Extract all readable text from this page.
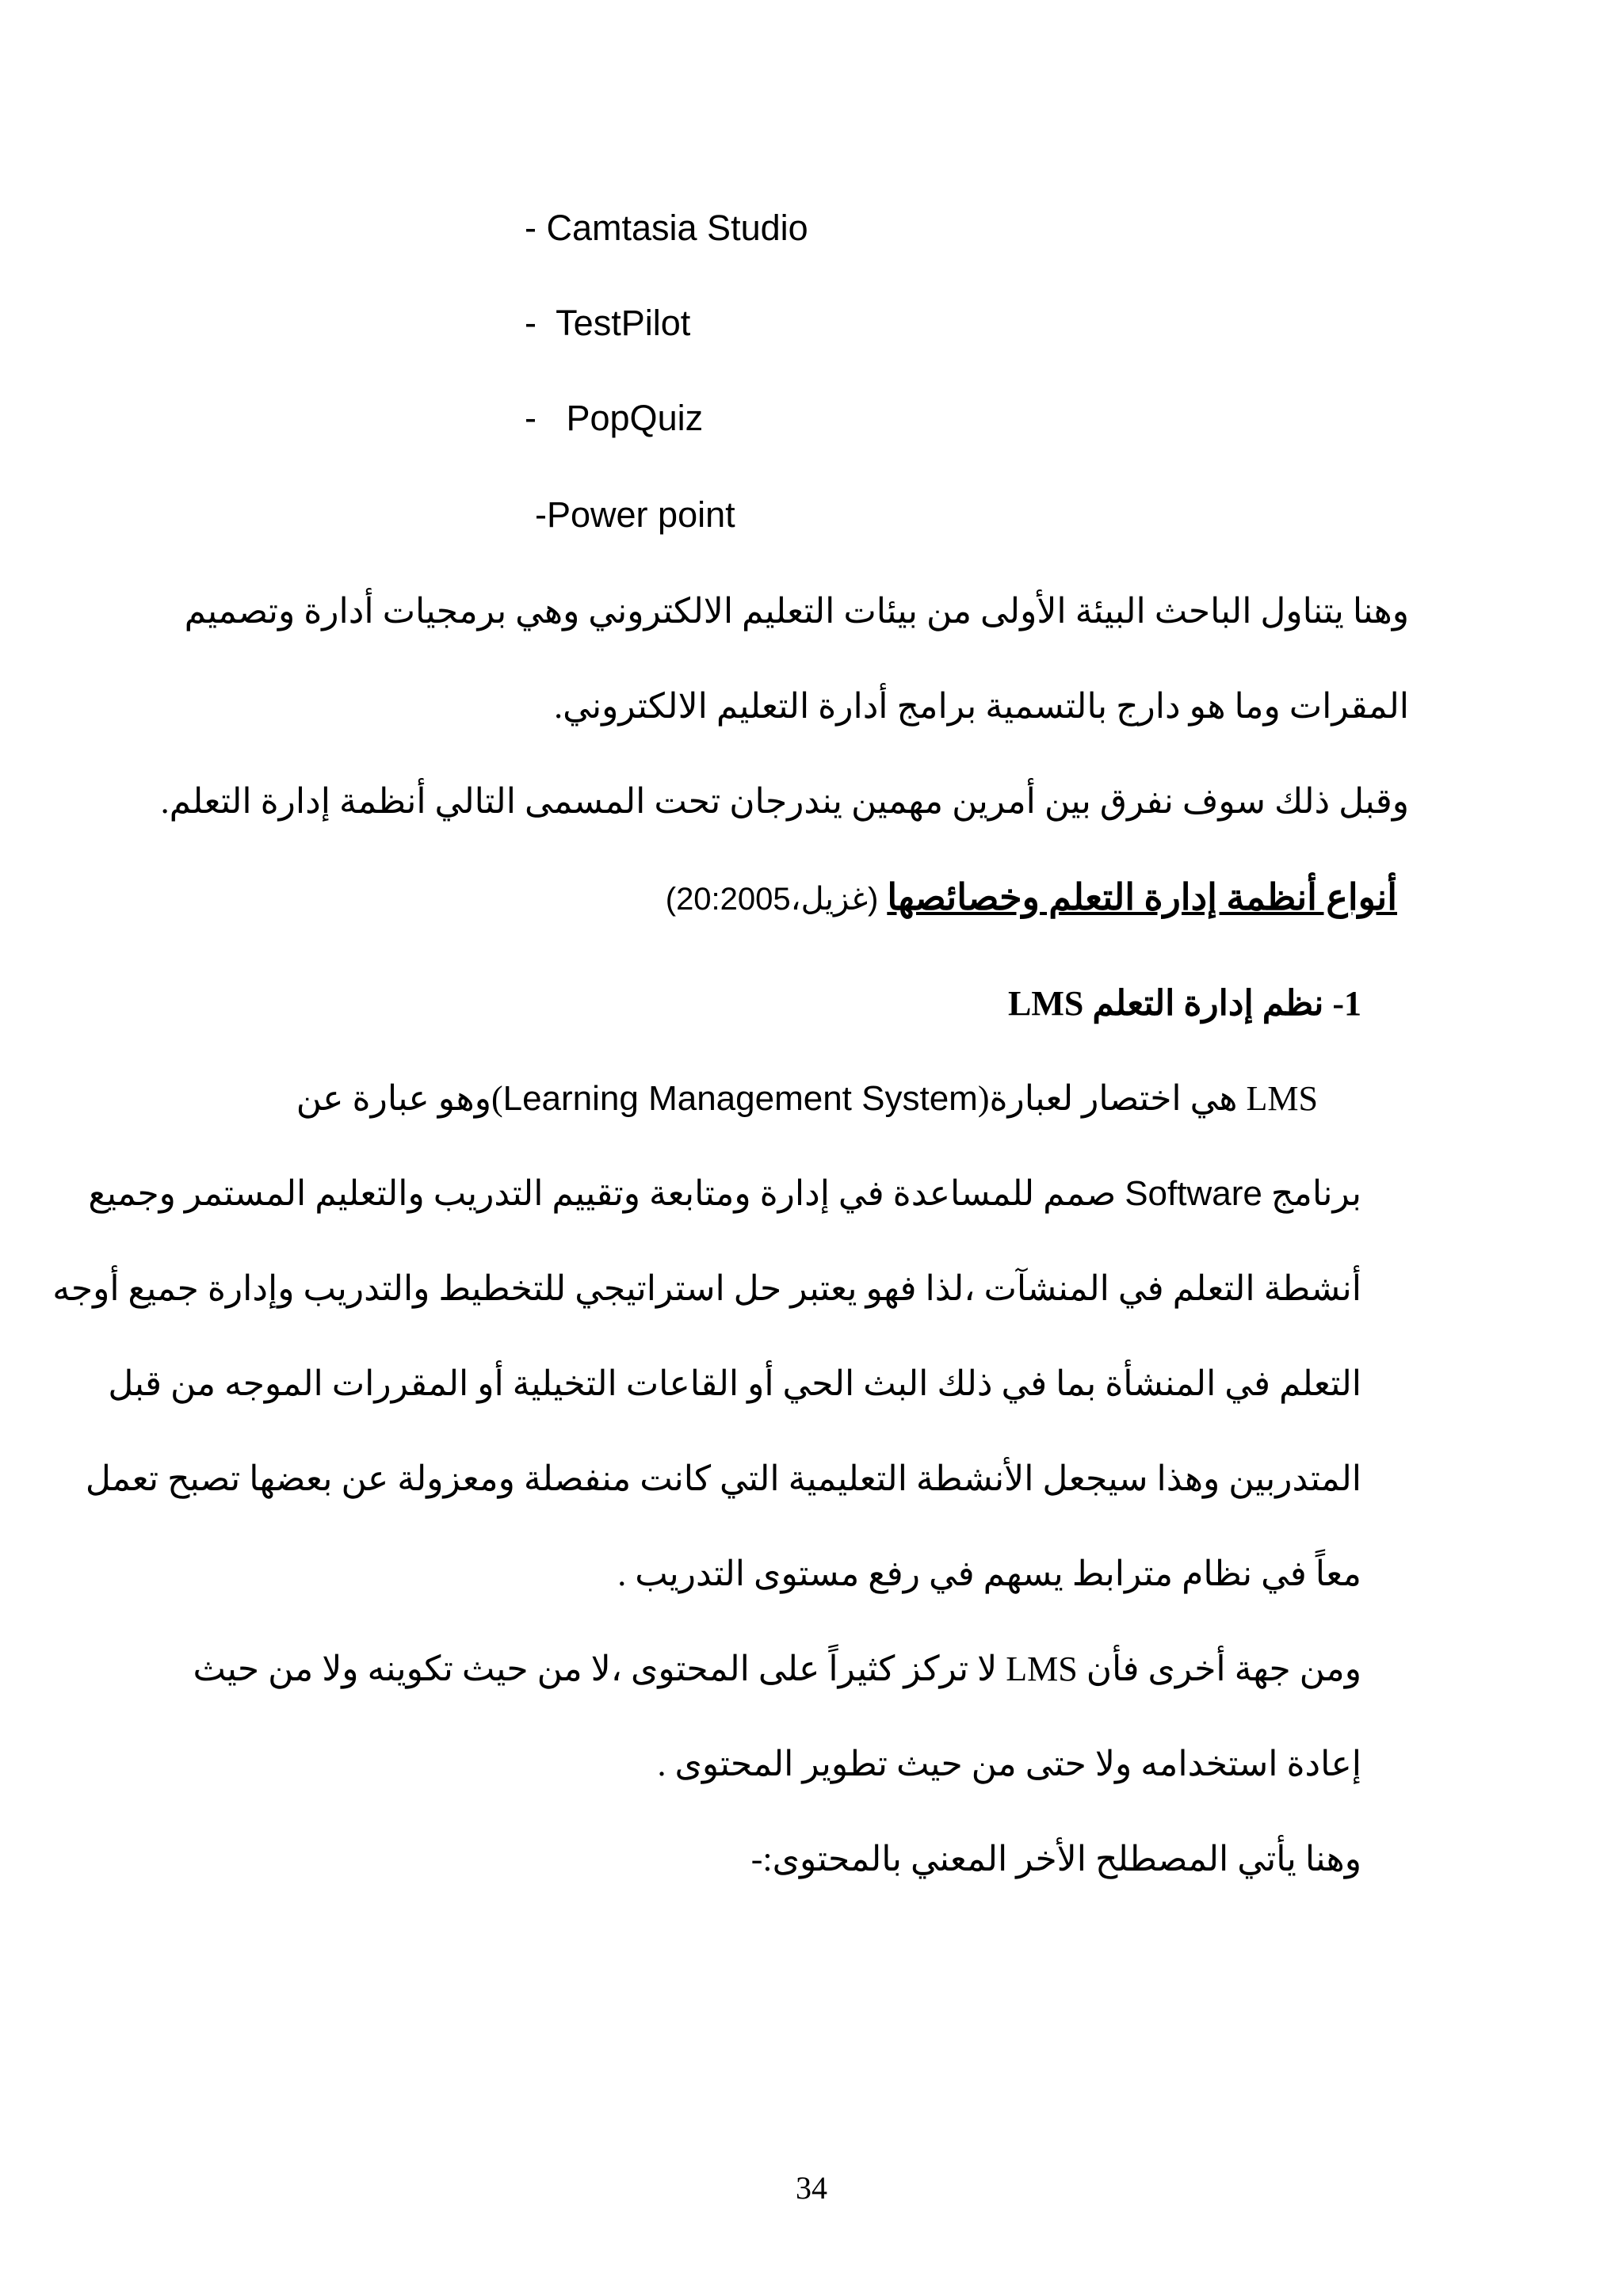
- Camtasia Studio
-  TestPilot
-   PopQuiz
-Power point
وهنا يتناول الباحث البيئة الأولى من بيئات التعليم الالكتروني وهي برمجيات أدارة وتصميم
المقرات وما هو دارج بالتسمية برامج أدارة التعليم الالكتروني.
وقبل ذلك سوف نفرق بين أمرين مهمين يندرجان تحت المسمى التالي أنظمة إدارة التعلم.
أنواع أنظمة إدارة التعلم وخصائصها (غزيل،20:2005)
1- نظم إدارة التعلم LMS
LMS هي اختصار لعبارة(Learning Management System)وهو عبارة عن
برنامج Software صمم للمساعدة في إدارة ومتابعة وتقييم التدريب والتعليم المستمر وجميع
أنشطة التعلم في المنشآت ،لذا فهو يعتبر حل استراتيجي للتخطيط والتدريب وإدارة جميع أوجه
التعلم في المنشأة بما في ذلك البث الحي أو القاعات التخيلية أو المقررات الموجه من قبل
المتدربين وهذا سيجعل الأنشطة التعليمية التي كانت منفصلة ومعزولة عن بعضها تصبح تعمل
معاً في نظام مترابط يسهم في رفع مستوى التدريب .
ومن جهة أخرى فأن LMS لا تركز كثيراً على المحتوى ،لا من حيث تكوينه ولا من حيث
إعادة استخدامه ولا حتى من حيث تطوير المحتوى .
وهنا يأتي المصطلح الأخر المعني بالمحتوى:-
34
